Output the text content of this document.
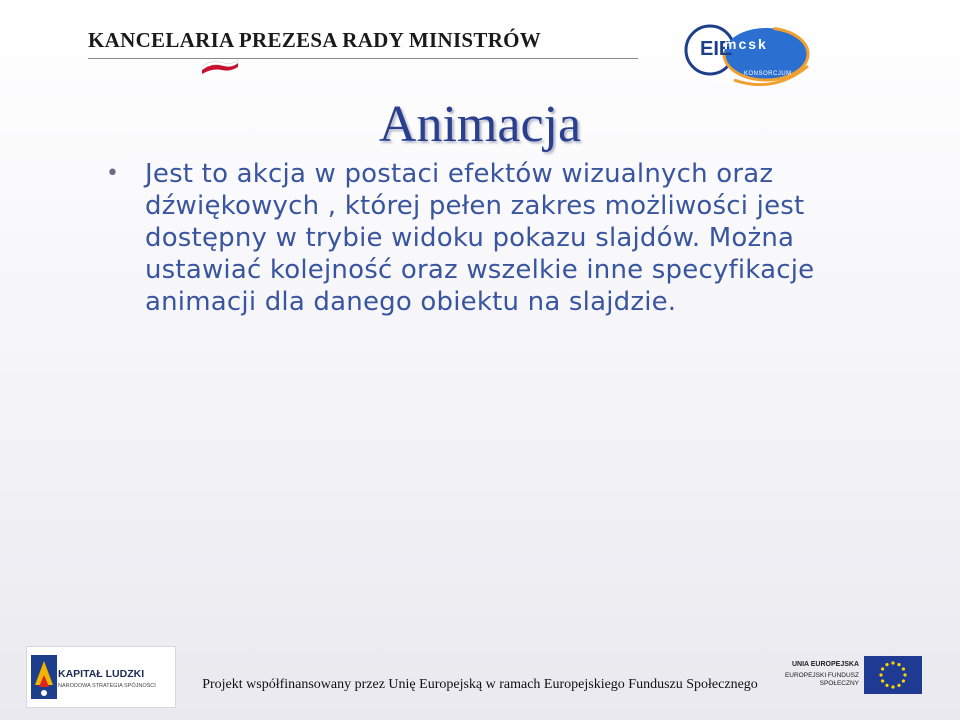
KANCELARIA PREZESA RADY MINISTRÓW	EIE
mcsk
KONSORCJUM
Animacja
• Jest to akcja w postaci efektów wizualnych oraz dźwiękowych , której pełen zakres możliwości jest dostępny w trybie widoku pokazu slajdów. Można ustawiać kolejność oraz wszelkie inne specyfikacje animacji dla danego obiektu na slajdzie.
KAPITAŁ LUDZKI
NARODOWA STRATEGIA SPÓJNOŚCI	Projekt współfinansowany przez Unię Europejską w ramach Europejskiego Funduszu Społecznego
UNIA EUROPEJSKA
EUROPEJSKI FUNDUSZ SPOŁECZNY
